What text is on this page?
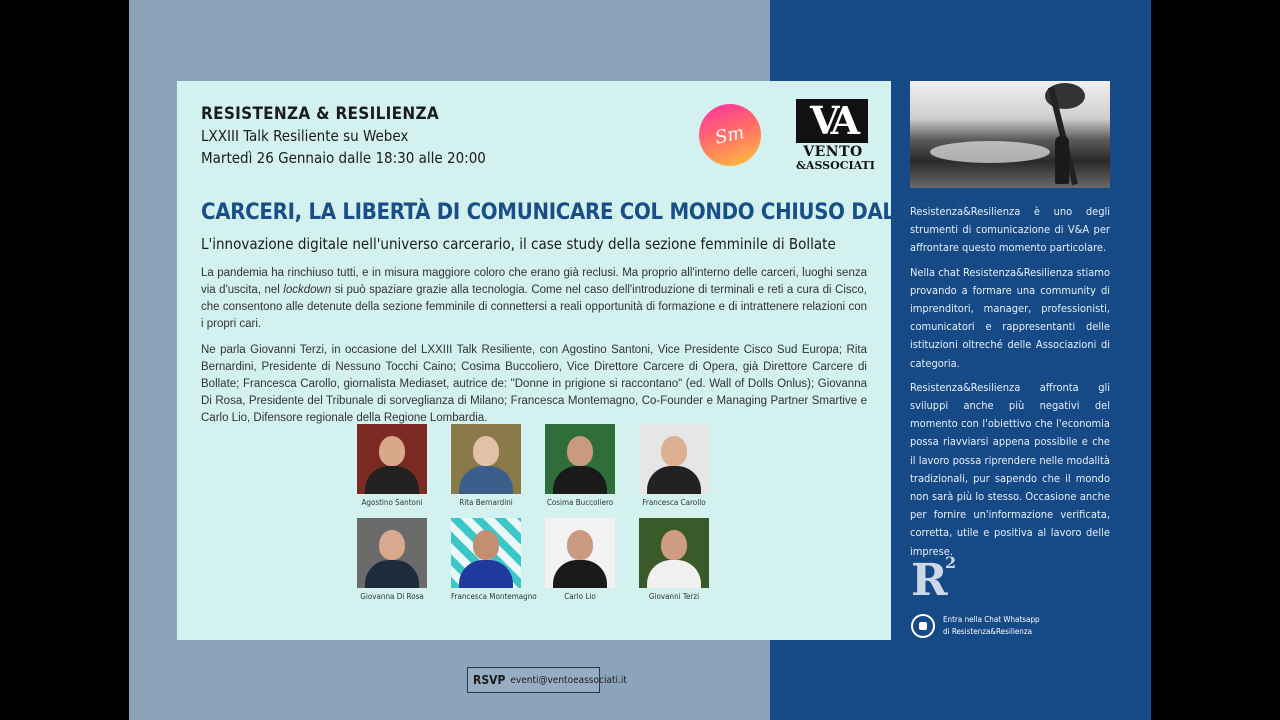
RESISTENZA & RESILIENZA
LXXIII Talk Resiliente su Webex
Martedì 26 Gennaio dalle 18:30 alle 20:00
Sm	VA
VENTO
&ASSOCIATI
CARCERI, LA LIBERTÀ DI COMUNICARE COL MONDO CHIUSO DAL COVID
L'innovazione digitale nell'universo carcerario, il case study della sezione femminile di Bollate

La pandemia ha rinchiuso tutti, e in misura maggiore coloro che erano già reclusi. Ma proprio all'interno delle carceri, luoghi senza via d'uscita, nel lockdown si può spaziare grazie alla tecnologia. Come nel caso dell'introduzione di terminali e reti a cura di Cisco, che consentono alle detenute della sezione femminile di connettersi a reali opportunità di formazione e di intrattenere relazioni con i propri cari.

Ne parla Giovanni Terzi, in occasione del LXXIII Talk Resiliente, con Agostino Santoni, Vice Presidente Cisco Sud Europa; Rita Bernardini, Presidente di Nessuno Tocchi Caino; Cosima Buccoliero, Vice Direttore Carcere di Opera, già Direttore Carcere di Bollate; Francesca Carollo, giornalista Mediaset, autrice de: "Donne in prigione si raccontano" (ed. Wall of Dolls Onlus); Giovanna Di Rosa, Presidente del Tribunale di sorveglianza di Milano; Francesca Montemagno, Co-Founder e Managing Partner Smartive e Carlo Lio, Difensore regionale della Regione Lombardia.

Agostino Santoni	Rita Bernardini	Cosima Buccoliero	Francesca Carollo
Giovanna Di Rosa	Francesca Montemagno	Carlo Lio	Giovanni Terzi
RSVP eventi@ventoeassociati.it

Resistenza&Resilienza è uno degli strumenti di comunicazione di V&A per affrontare questo momento particolare.

Nella chat Resistenza&Resilienza stiamo provando a formare una community di imprenditori, manager, professionisti, comunicatori e rappresentanti delle istituzioni oltreché delle Associazioni di categoria.

Resistenza&Resilienza affronta gli sviluppi anche più negativi del momento con l'obiettivo che l'economia possa riavviarsi appena possibile e che il lavoro possa riprendere nelle modalità tradizionali, pur sapendo che il mondo non sarà più lo stesso. Occasione anche per fornire un'informazione verificata, corretta, utile e positiva al lavoro delle imprese.

R 2
Entra nella Chat Whatsapp
di Resistenza&Resilienza
